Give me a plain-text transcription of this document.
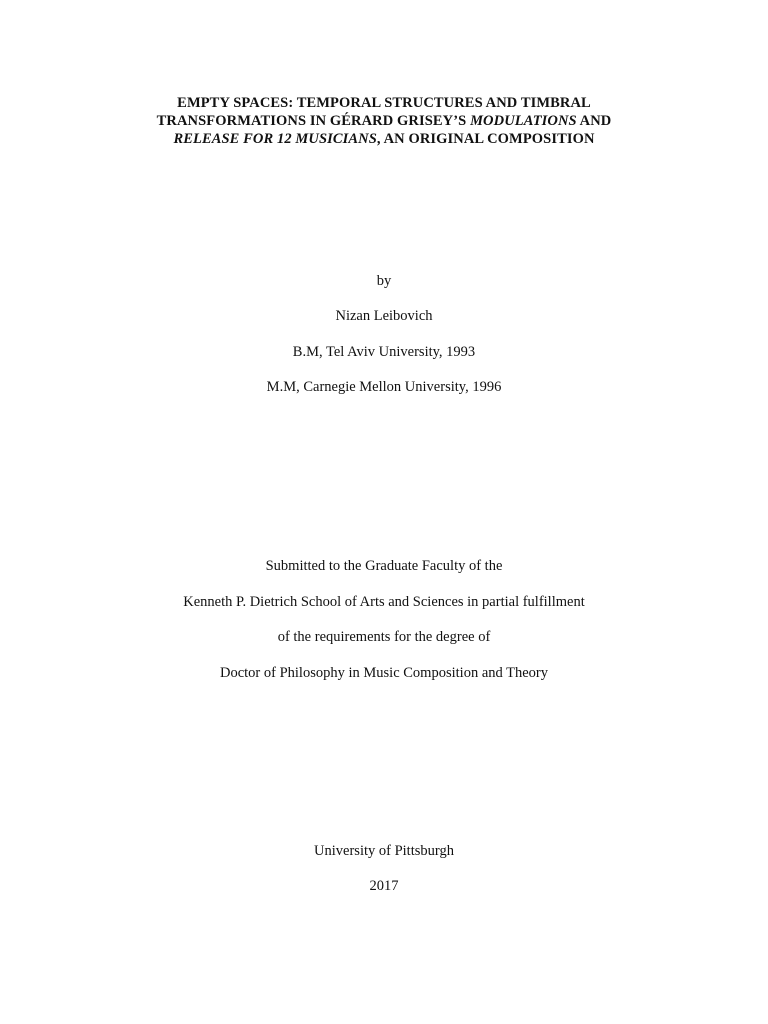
EMPTY SPACES: TEMPORAL STRUCTURES AND TIMBRAL
TRANSFORMATIONS IN GÉRARD GRISEY’S MODULATIONS AND
RELEASE FOR 12 MUSICIANS, AN ORIGINAL COMPOSITION
by
Nizan Leibovich
B.M, Tel Aviv University, 1993
M.M, Carnegie Mellon University, 1996
Submitted to the Graduate Faculty of the
Kenneth P. Dietrich School of Arts and Sciences in partial fulfillment
of the requirements for the degree of
Doctor of Philosophy in Music Composition and Theory
University of Pittsburgh
2017
